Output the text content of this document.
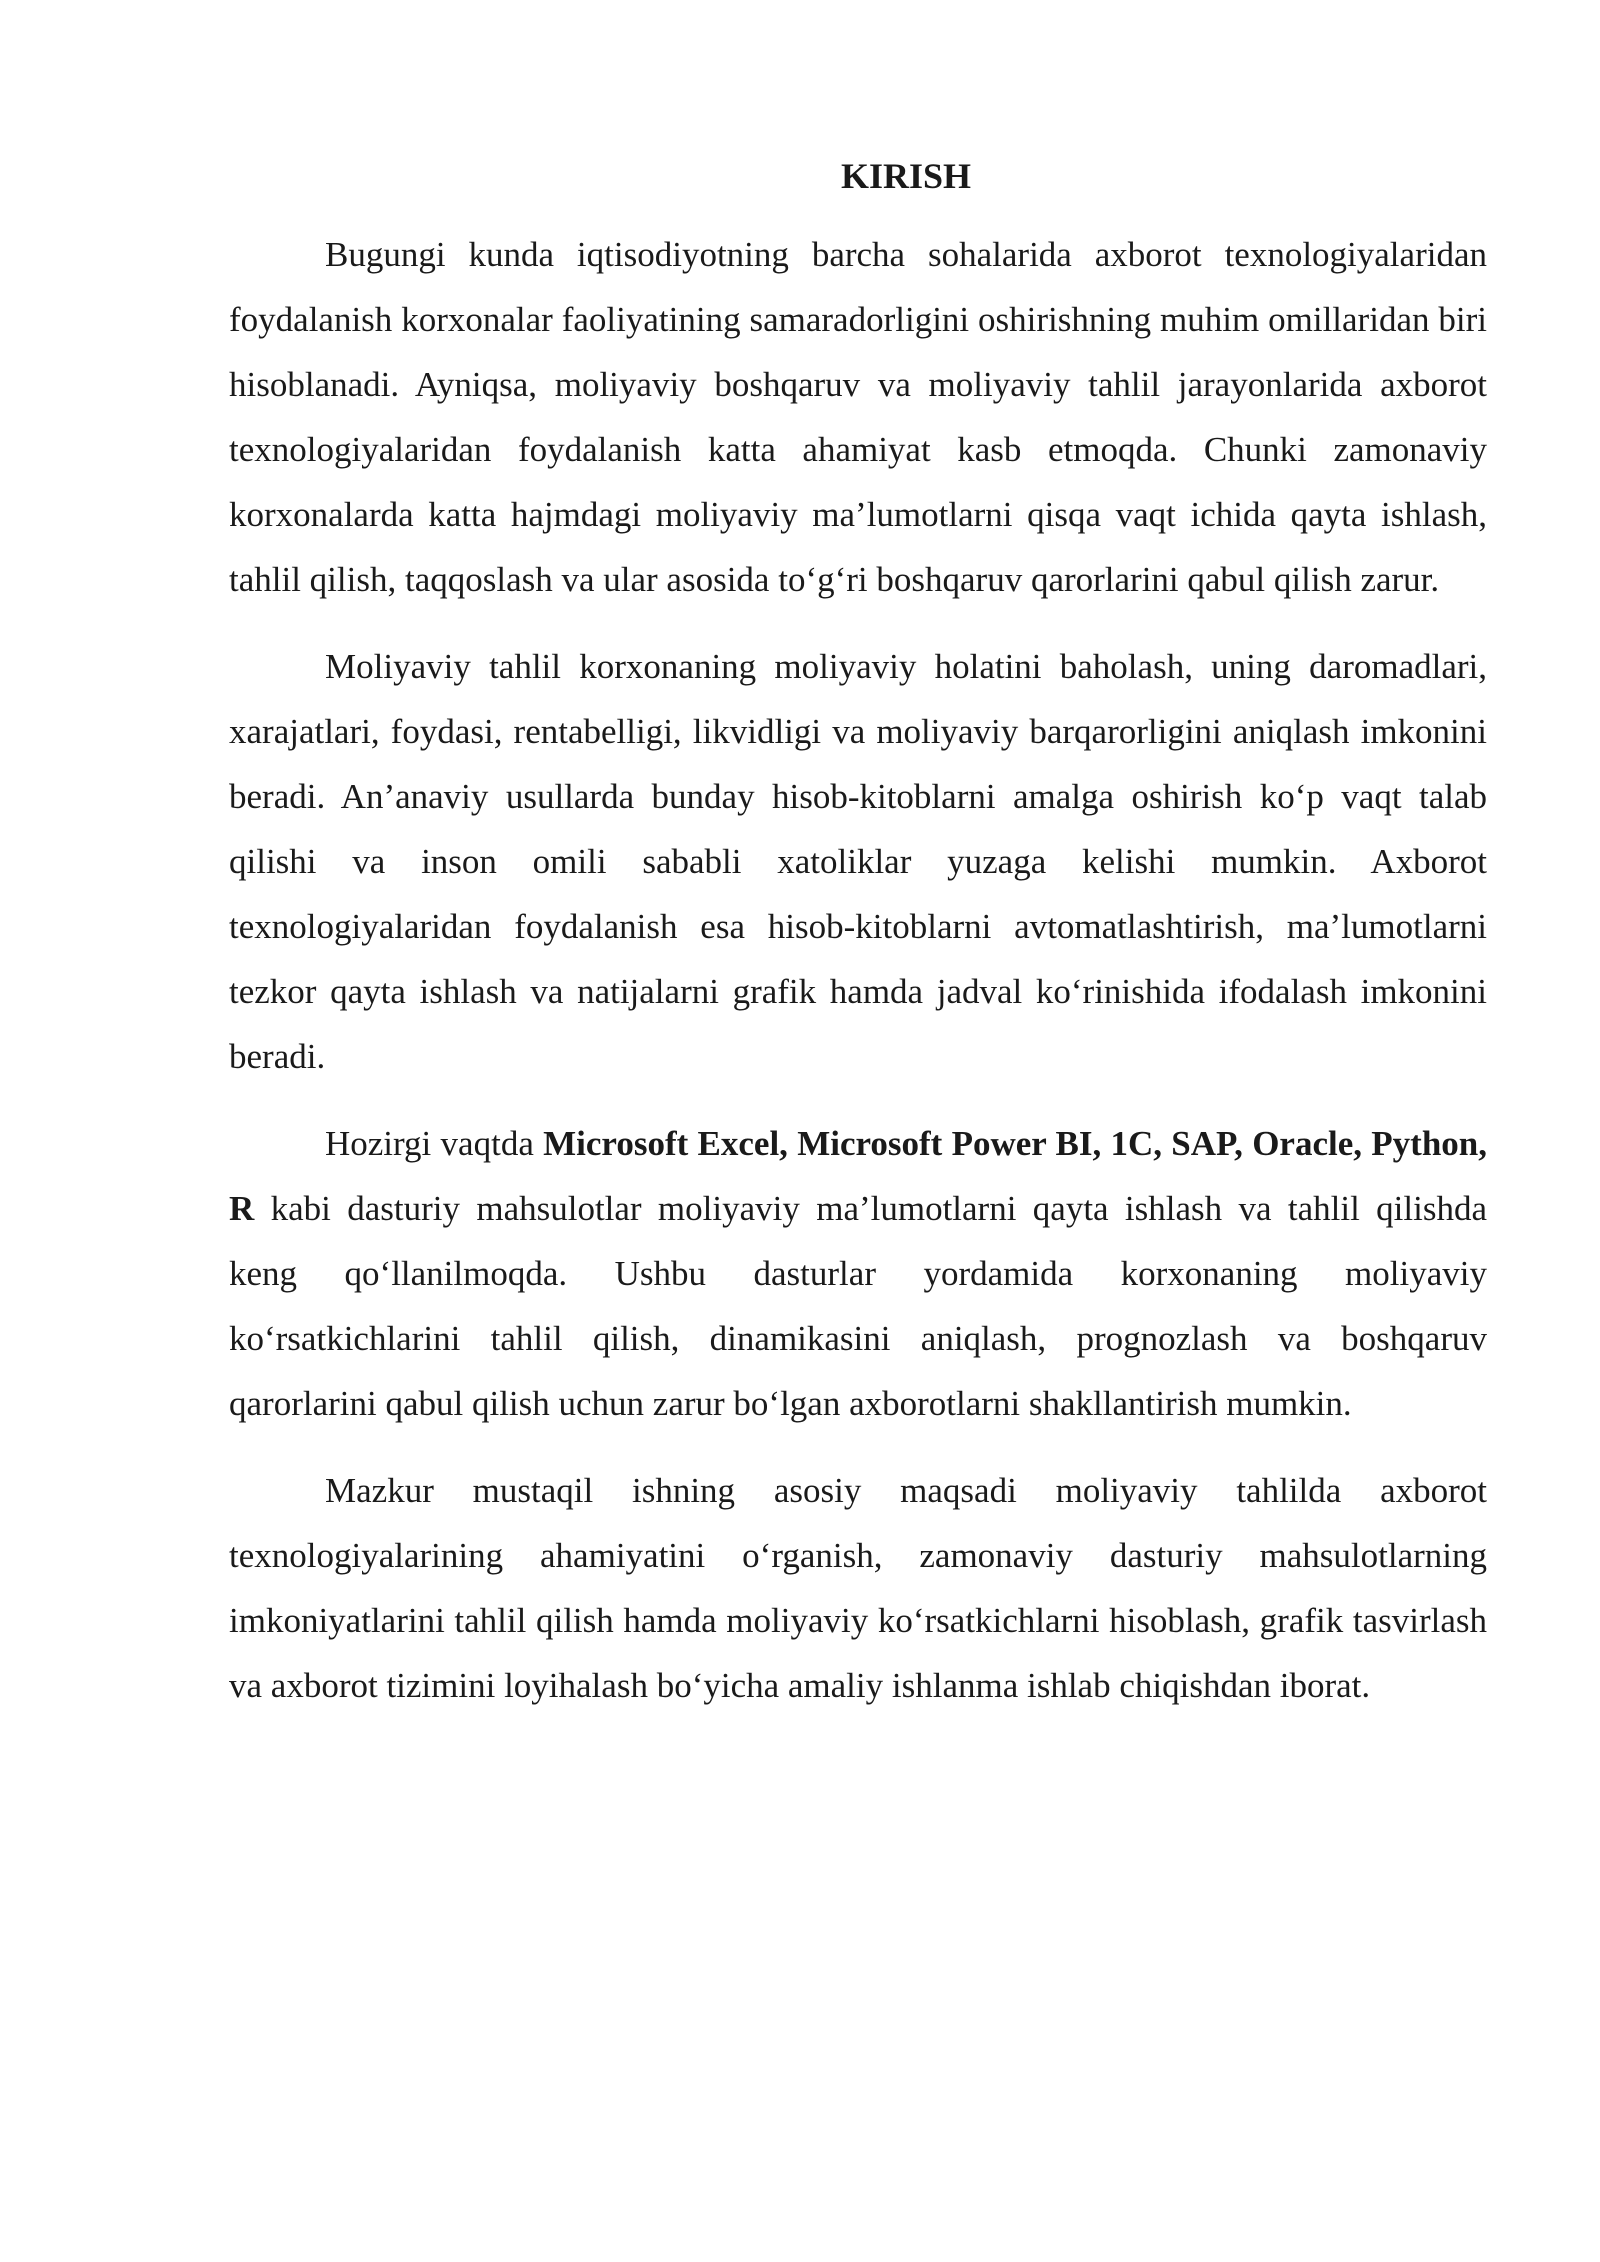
KIRISH

Bugungi kunda iqtisodiyotning barcha sohalarida axborot texnologiyalaridan foydalanish korxonalar faoliyatining samaradorligini oshirishning muhim omillaridan biri hisoblanadi. Ayniqsa, moliyaviy boshqaruv va moliyaviy tahlil jarayonlarida axborot texnologiyalaridan foydalanish katta ahamiyat kasb etmoqda. Chunki zamonaviy korxonalarda katta hajmdagi moliyaviy ma’lumotlarni qisqa vaqt ichida qayta ishlash, tahlil qilish, taqqoslash va ular asosida to‘g‘ri boshqaruv qarorlarini qabul qilish zarur.

Moliyaviy tahlil korxonaning moliyaviy holatini baholash, uning daromadlari, xarajatlari, foydasi, rentabelligi, likvidligi va moliyaviy barqarorligini aniqlash imkonini beradi. An’anaviy usullarda bunday hisob-kitoblarni amalga oshirish ko‘p vaqt talab qilishi va inson omili sababli xatoliklar yuzaga kelishi mumkin. Axborot texnologiyalaridan foydalanish esa hisob-kitoblarni avtomatlashtirish, ma’lumotlarni tezkor qayta ishlash va natijalarni grafik hamda jadval ko‘rinishida ifodalash imkonini beradi.

Hozirgi vaqtda Microsoft Excel, Microsoft Power BI, 1C, SAP, Oracle, Python, R kabi dasturiy mahsulotlar moliyaviy ma’lumotlarni qayta ishlash va tahlil qilishda keng qo‘llanilmoqda. Ushbu dasturlar yordamida korxonaning moliyaviy ko‘rsatkichlarini tahlil qilish, dinamikasini aniqlash, prognozlash va boshqaruv qarorlarini qabul qilish uchun zarur bo‘lgan axborotlarni shakllantirish mumkin.

Mazkur mustaqil ishning asosiy maqsadi moliyaviy tahlilda axborot texnologiyalarining ahamiyatini o‘rganish, zamonaviy dasturiy mahsulotlarning imkoniyatlarini tahlil qilish hamda moliyaviy ko‘rsatkichlarni hisoblash, grafik tasvirlash va axborot tizimini loyihalash bo‘yicha amaliy ishlanma ishlab chiqishdan iborat.
